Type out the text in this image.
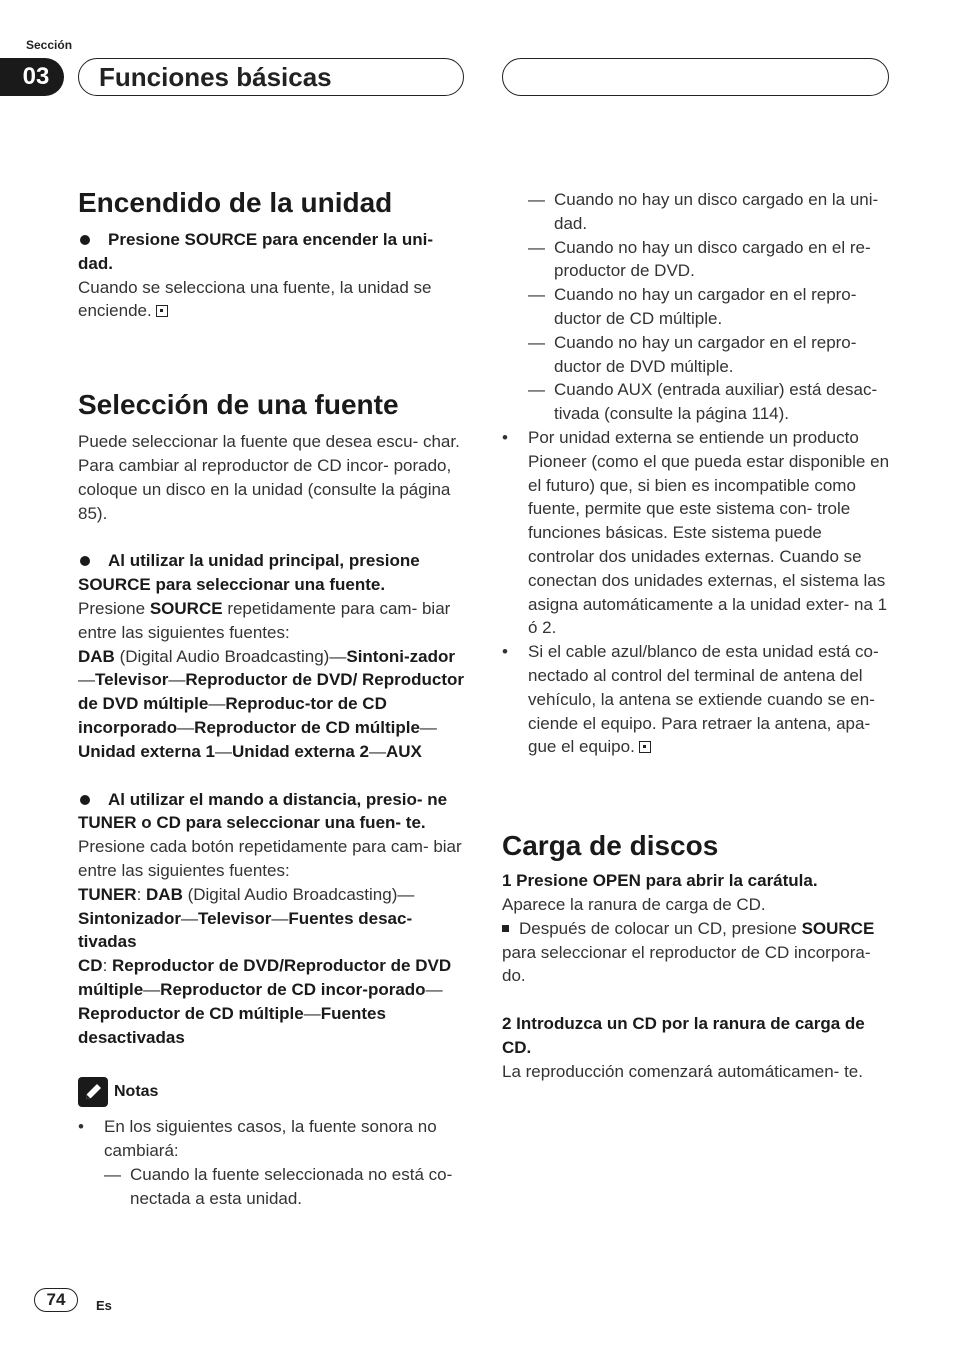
Sección
03	Funciones básicas
Encendido de la unidad

Presione SOURCE para encender la uni- dad.

Cuando se selecciona una fuente, la unidad se enciende.

Selección de una fuente

Puede seleccionar la fuente que desea escu- char. Para cambiar al reproductor de CD incor- porado, coloque un disco en la unidad (consulte la página 85).

Al utilizar la unidad principal, presione SOURCE para seleccionar una fuente.

Presione SOURCE repetidamente para cam- biar entre las siguientes fuentes:

DAB (Digital Audio Broadcasting)—Sintoni-zador—Televisor—Reproductor de DVD/ Reproductor de DVD múltiple—Reproduc-tor de CD incorporado—Reproductor de CD múltiple—Unidad externa 1—Unidad externa 2—AUX

Al utilizar el mando a distancia, presio- ne TUNER o CD para seleccionar una fuen- te.

Presione cada botón repetidamente para cam- biar entre las siguientes fuentes:

TUNER: DAB (Digital Audio Broadcasting)—Sintonizador—Televisor—Fuentes desac-tivadas

CD: Reproductor de DVD/Reproductor de DVD múltiple—Reproductor de CD incor-porado—Reproductor de CD múltiple—Fuentes desactivadas

Notas

• En los siguientes casos, la fuente sonora no cambiará:

— Cuando la fuente seleccionada no está co- nectada a esta unidad.

— Cuando no hay un disco cargado en la uni- dad.

— Cuando no hay un disco cargado en el re- productor de DVD.

— Cuando no hay un cargador en el repro- ductor de CD múltiple.

— Cuando no hay un cargador en el repro- ductor de DVD múltiple.

— Cuando AUX (entrada auxiliar) está desac- tivada (consulte la página 114).

• Por unidad externa se entiende un producto Pioneer (como el que pueda estar disponible en el futuro) que, si bien es incompatible como fuente, permite que este sistema con- trole funciones básicas. Este sistema puede controlar dos unidades externas. Cuando se conectan dos unidades externas, el sistema las asigna automáticamente a la unidad exter- na 1 ó 2.

• Si el cable azul/blanco de esta unidad está co- nectado al control del terminal de antena del vehículo, la antena se extiende cuando se en- ciende el equipo. Para retraer la antena, apa- gue el equipo.

Carga de discos

1 Presione OPEN para abrir la carátula.

Aparece la ranura de carga de CD.

Después de colocar un CD, presione SOURCE para seleccionar el reproductor de CD incorpora- do.

2 Introduzca un CD por la ranura de carga de CD.

La reproducción comenzará automáticamen- te.

74	Es
